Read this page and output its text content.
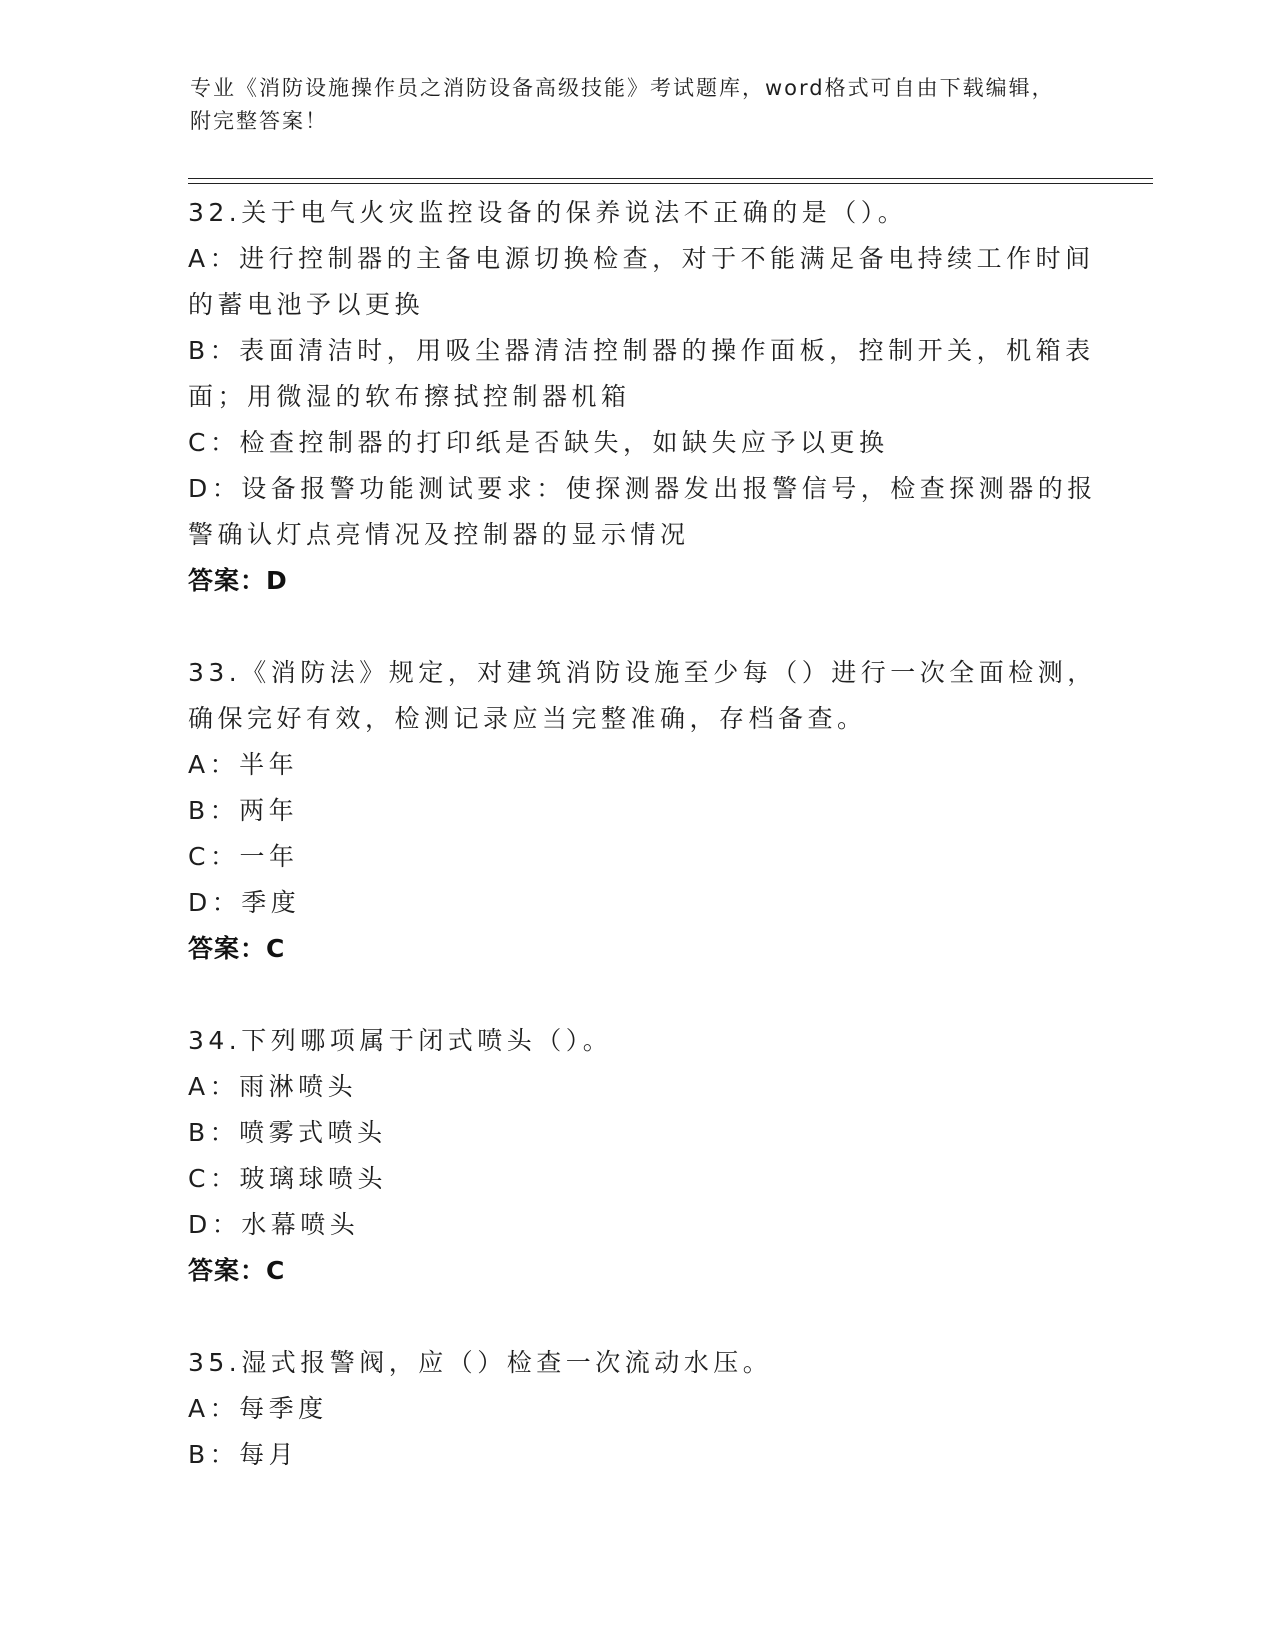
专业《消防设施操作员之消防设备高级技能》考试题库，word格式可自由下载编辑，附完整答案！
32.关于电气火灾监控设备的保养说法不正确的是（）。
A：进行控制器的主备电源切换检查，对于不能满足备电持续工作时间
的蓄电池予以更换
B：表面清洁时，用吸尘器清洁控制器的操作面板，控制开关，机箱表
面；用微湿的软布擦拭控制器机箱
C：检查控制器的打印纸是否缺失，如缺失应予以更换
D：设备报警功能测试要求：使探测器发出报警信号，检查探测器的报
警确认灯点亮情况及控制器的显示情况
答案：D
33.《消防法》规定，对建筑消防设施至少每（）进行一次全面检测，
确保完好有效，检测记录应当完整准确，存档备查。
A：半年
B：两年
C：一年
D：季度
答案：C
34.下列哪项属于闭式喷头（）。
A：雨淋喷头
B：喷雾式喷头
C：玻璃球喷头
D：水幕喷头
答案：C
35.湿式报警阀，应（）检查一次流动水压。
A：每季度
B：每月
